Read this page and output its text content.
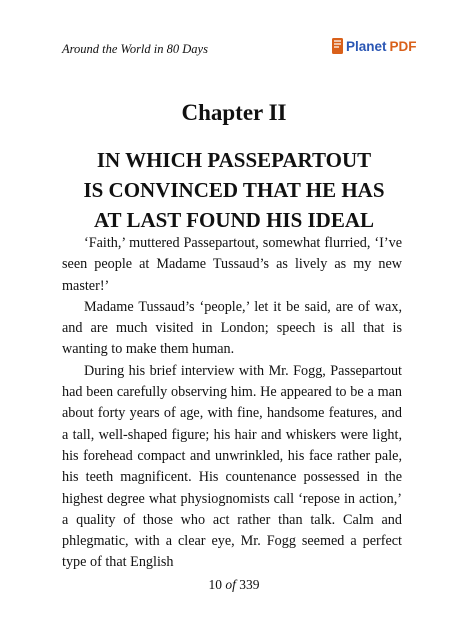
Around the World in 80 Days	Planet PDF
Chapter II
IN WHICH PASSEPARTOUT
IS CONVINCED THAT HE HAS
AT LAST FOUND HIS IDEAL

‘Faith,’ muttered Passepartout, somewhat flurried, ‘I’ve seen people at Madame Tussaud’s as lively as my new master!’

Madame Tussaud’s ‘people,’ let it be said, are of wax, and are much visited in London; speech is all that is wanting to make them human.

During his brief interview with Mr. Fogg, Passepartout had been carefully observing him. He appeared to be a man about forty years of age, with fine, handsome features, and a tall, well-shaped figure; his hair and whiskers were light, his forehead compact and unwrinkled, his face rather pale, his teeth magnificent. His countenance possessed in the highest degree what physiognomists call ‘repose in action,’ a quality of those who act rather than talk. Calm and phlegmatic, with a clear eye, Mr. Fogg seemed a perfect type of that English

10 of 339
